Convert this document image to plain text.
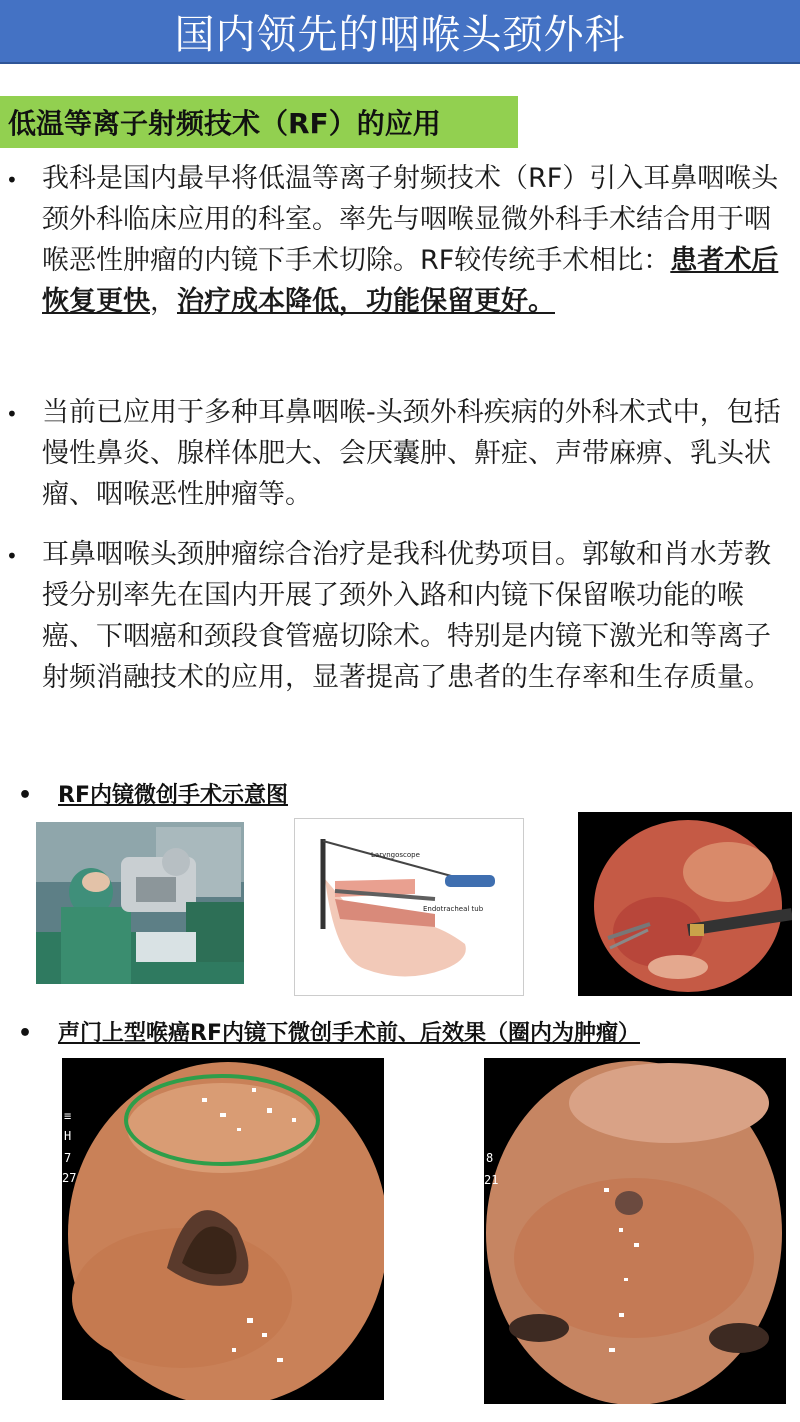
国内领先的咽喉头颈外科
低温等离子射频技术（RF）的应用
• 我科是国内最早将低温等离子射频技术（RF）引入耳鼻咽喉头颈外科临床应用的科室。率先与咽喉显微外科手术结合用于咽喉恶性肿瘤的内镜下手术切除。RF较传统手术相比：患者术后恢复更快，治疗成本降低，功能保留更好。
• 当前已应用于多种耳鼻咽喉-头颈外科疾病的外科术式中，包括慢性鼻炎、腺样体肥大、会厌囊肿、鼾症、声带麻痹、乳头状瘤、咽喉恶性肿瘤等。
• 耳鼻咽喉头颈肿瘤综合治疗是我科优势项目。郭敏和肖水芳教授分别率先在国内开展了颈外入路和内镜下保留喉功能的喉癌、下咽癌和颈段食管癌切除术。特别是内镜下激光和等离子射频消融技术的应用，显著提高了患者的生存率和生存质量。
• RF内镜微创手术示意图
Laryngoscope
Endotracheal tub
• 声门上型喉癌RF内镜下微创手术前、后效果（圈内为肿瘤）
≡
H
7
27
8
21
